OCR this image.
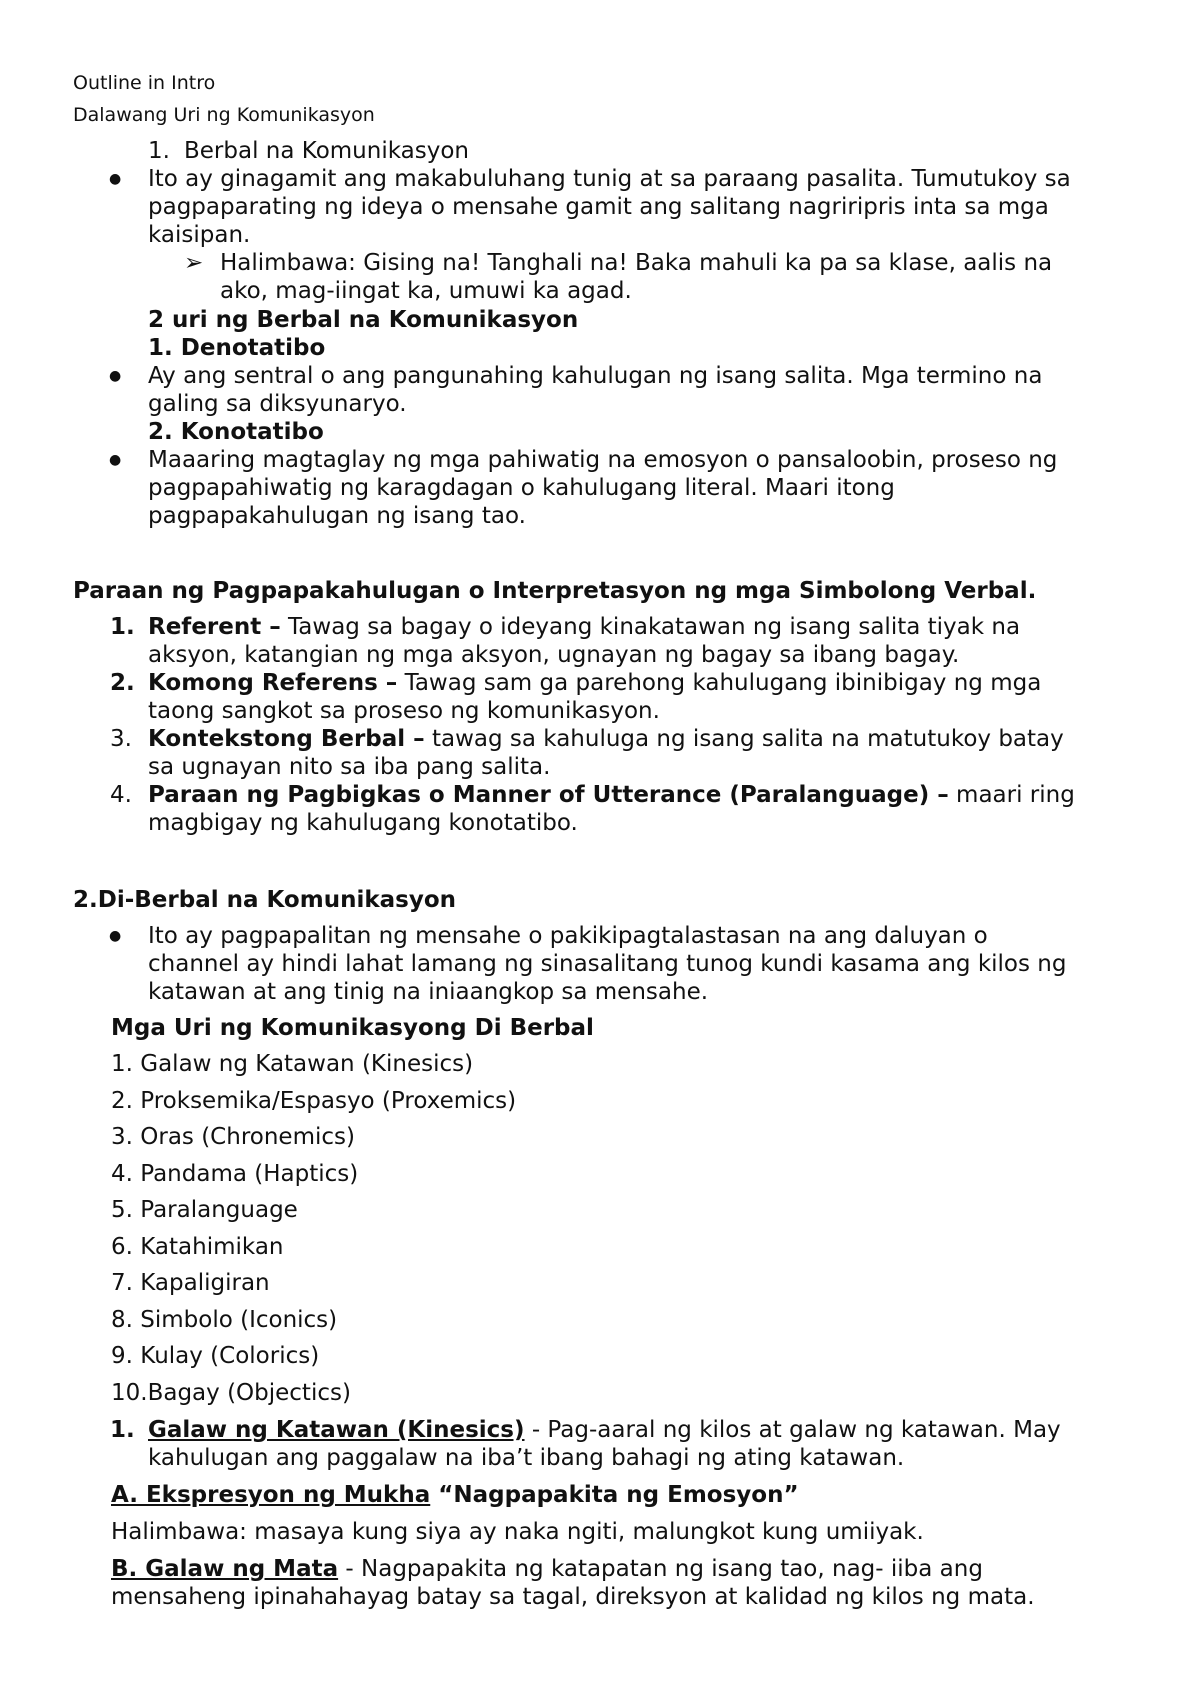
Outline in Intro
Dalawang Uri ng Komunikasyon
1. Berbal na Komunikasyon
● Ito ay ginagamit ang makabuluhang tunig at sa paraang pasalita. Tumutukoy sa
pagpaparating ng ideya o mensahe gamit ang salitang nagriripris inta sa mga
kaisipan.
➢ Halimbawa: Gising na! Tanghali na! Baka mahuli ka pa sa klase, aalis na
ako, mag-iingat ka, umuwi ka agad.
2 uri ng Berbal na Komunikasyon
1. Denotatibo
● Ay ang sentral o ang pangunahing kahulugan ng isang salita. Mga termino na
galing sa diksyunaryo.
2. Konotatibo
● Maaaring magtaglay ng mga pahiwatig na emosyon o pansaloobin, proseso ng
pagpapahiwatig ng karagdagan o kahulugang literal. Maari itong
pagpapakahulugan ng isang tao.
Paraan ng Pagpapakahulugan o Interpretasyon ng mga Simbolong Verbal.
1. Referent – Tawag sa bagay o ideyang kinakatawan ng isang salita tiyak na
aksyon, katangian ng mga aksyon, ugnayan ng bagay sa ibang bagay.
2. Komong Referens – Tawag sam ga parehong kahulugang ibinibigay ng mga
taong sangkot sa proseso ng komunikasyon.
3. Kontekstong Berbal – tawag sa kahuluga ng isang salita na matutukoy batay
sa ugnayan nito sa iba pang salita.
4. Paraan ng Pagbigkas o Manner of Utterance (Paralanguage) – maari ring
magbigay ng kahulugang konotatibo.
2.Di-Berbal na Komunikasyon
● Ito ay pagpapalitan ng mensahe o pakikipagtalastasan na ang daluyan o
channel ay hindi lahat lamang ng sinasalitang tunog kundi kasama ang kilos ng
katawan at ang tinig na iniaangkop sa mensahe.
Mga Uri ng Komunikasyong Di Berbal
1. Galaw ng Katawan (Kinesics)
2. Proksemika/Espasyo (Proxemics)
3. Oras (Chronemics)
4. Pandama (Haptics)
5. Paralanguage
6. Katahimikan
7. Kapaligiran
8. Simbolo (Iconics)
9. Kulay (Colorics)
10.Bagay (Objectics)
1. Galaw ng Katawan (Kinesics) - Pag-aaral ng kilos at galaw ng katawan. May
kahulugan ang paggalaw na iba’t ibang bahagi ng ating katawan.
A. Ekspresyon ng Mukha “Nagpapakita ng Emosyon”
Halimbawa: masaya kung siya ay naka ngiti, malungkot kung umiiyak.
B. Galaw ng Mata - Nagpapakita ng katapatan ng isang tao, nag- iiba ang
mensaheng ipinahahayag batay sa tagal, direksyon at kalidad ng kilos ng mata.
